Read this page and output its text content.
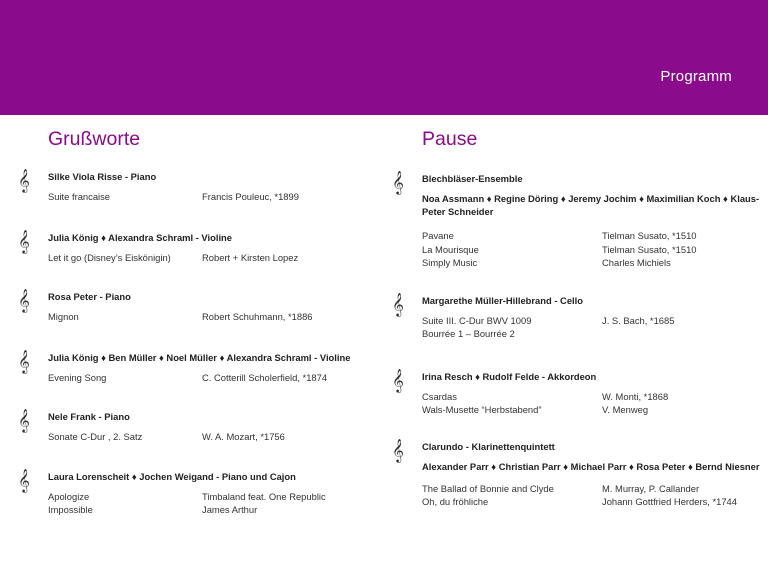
Programm
Grußworte
𝄞	Silke Viola Risse - Piano
Suite francaise	Francis Pouleuc, *1899
𝄞	Julia König ♦ Alexandra Schraml - Violine
Let it go (Disney’s Eiskönigin)	Robert + Kirsten Lopez
𝄞	Rosa Peter - Piano
Mignon	Robert Schuhmann, *1886
𝄞	Julia König ♦ Ben Müller ♦ Noel Müller ♦ Alexandra Schraml - Violine
Evening Song	C. Cotterill Scholerfield, *1874
𝄞	Nele Frank - Piano
Sonate C-Dur , 2. Satz	W. A. Mozart, *1756
𝄞	Laura Lorenscheit ♦ Jochen Weigand - Piano und Cajon
Apologize	Timbaland feat. One Republic
Impossible	James Arthur
Pause
𝄞	Blechbläser-Ensemble
Noa Assmann ♦ Regine Döring ♦ Jeremy Jochim ♦ Maximilian Koch ♦ Klaus-Peter Schneider
Pavane	Tielman Susato, *1510
La Mourisque	Tielman Susato, *1510
Simply Music	Charles Michiels
𝄞	Margarethe Müller-Hillebrand - Cello
Suite III. C-Dur BWV 1009	J. S. Bach, *1685
Bourrée 1 – Bourrée 2
𝄞	Irina Resch ♦ Rudolf Felde - Akkordeon
Csardas	W. Monti, *1868
Wals-Musette “Herbstabend”	V. Menweg
𝄞	Clarundo - Klarinettenquintett
Alexander Parr ♦ Christian Parr ♦ Michael Parr ♦ Rosa Peter ♦ Bernd Niesner
The Ballad of Bonnie and Clyde	M. Murray, P. Callander
Oh, du fröhliche	Johann Gottfried Herders, *1744
